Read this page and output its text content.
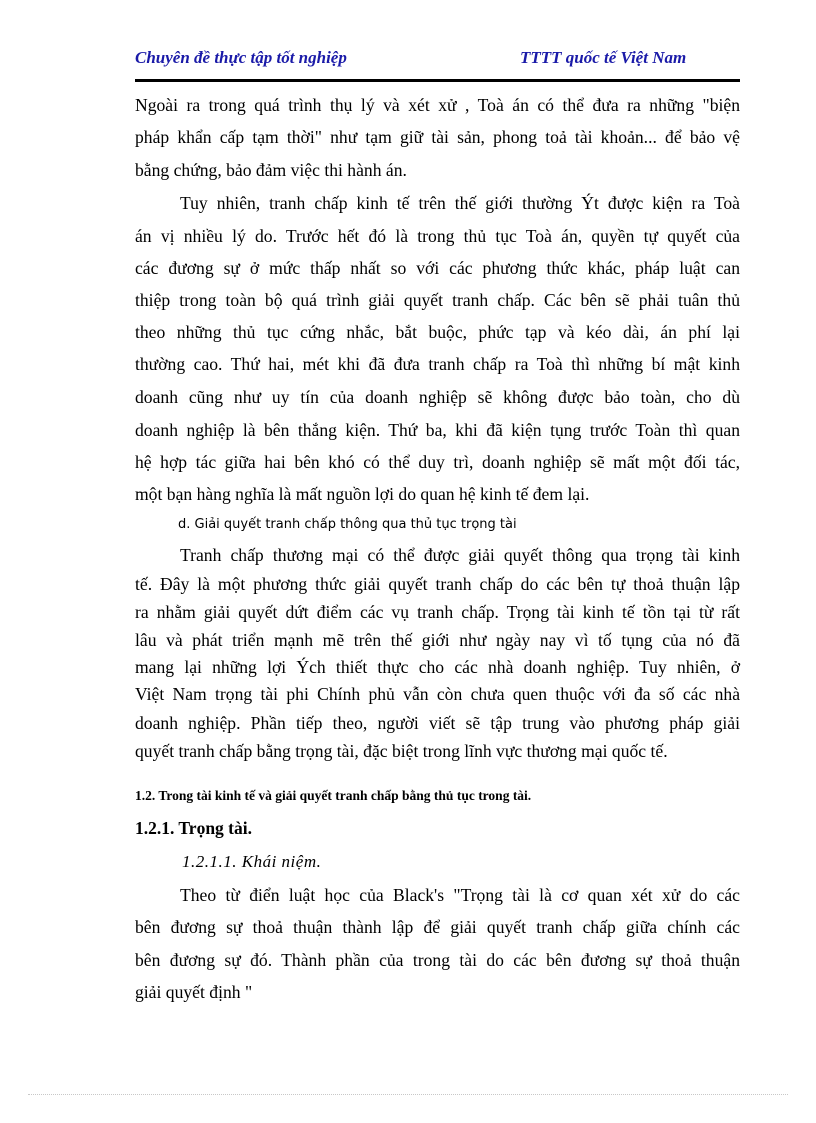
Chuyên đề thực tập tốt nghiệp	TTTT quốc tế Việt Nam
Ngoài ra trong quá trình thụ lý và xét xử , Toà án có thể đưa ra những "biện
pháp khẩn cấp tạm thời" như tạm giữ tài sản, phong toả tài khoản... để bảo vệ
bằng chứng, bảo đảm việc thi hành án.
Tuy nhiên, tranh chấp kinh tế trên thế giới thường Ýt được kiện ra Toà
án vị nhiều lý do. Trước hết đó là trong thủ tục Toà án, quyền tự quyết của
các đương sự ở mức thấp nhất so với các phương thức khác, pháp luật can
thiệp trong toàn bộ quá trình giải quyết tranh chấp. Các bên sẽ phải tuân thủ
theo những thủ tục cứng nhắc, bắt buộc, phức tạp và kéo dài, án phí lại
thường cao. Thứ hai, mét khi đã đưa tranh chấp ra Toà thì những bí mật kinh
doanh cũng như uy tín của doanh nghiệp sẽ không được bảo toàn, cho dù
doanh nghiệp là bên thắng kiện. Thứ ba, khi đã kiện tụng trước Toàn thì quan
hệ hợp tác giữa hai bên khó có thể duy trì, doanh nghiệp sẽ mất một đối tác,
một bạn hàng nghĩa là mất nguồn lợi do quan hệ kinh tế đem lại.
d. Giải quyết tranh chấp thông qua thủ tục trọng tài
Tranh chấp thương mại có thể được giải quyết thông qua trọng tài kinh
tế. Đây là một phương thức giải quyết tranh chấp do các bên tự thoả thuận lập
ra nhằm giải quyết dứt điểm các vụ tranh chấp. Trọng tài kinh tế tồn tại từ rất
lâu và phát triển mạnh mẽ trên thế giới như ngày nay vì tố tụng của nó đã
mang lại những lợi Ých thiết thực cho các nhà doanh nghiệp. Tuy nhiên, ở
Việt Nam trọng tài phi Chính phủ vẫn còn chưa quen thuộc với đa số các nhà
doanh nghiệp. Phần tiếp theo, người viết sẽ tập trung vào phương pháp giải
quyết tranh chấp bằng trọng tài, đặc biệt trong lĩnh vực thương mại quốc tế.
1.2. Trong tài kinh tế và giải quyết tranh chấp bằng thủ tục trong tài.
1.2.1. Trọng tài.
1.2.1.1. Khái niệm.
Theo từ điển luật học của Black's "Trọng tài là cơ quan xét xử do các
bên đương sự thoả thuận thành lập để giải quyết tranh chấp giữa chính các
bên đương sự đó. Thành phần của trong tài do các bên đương sự thoả thuận
giải quyết định "
